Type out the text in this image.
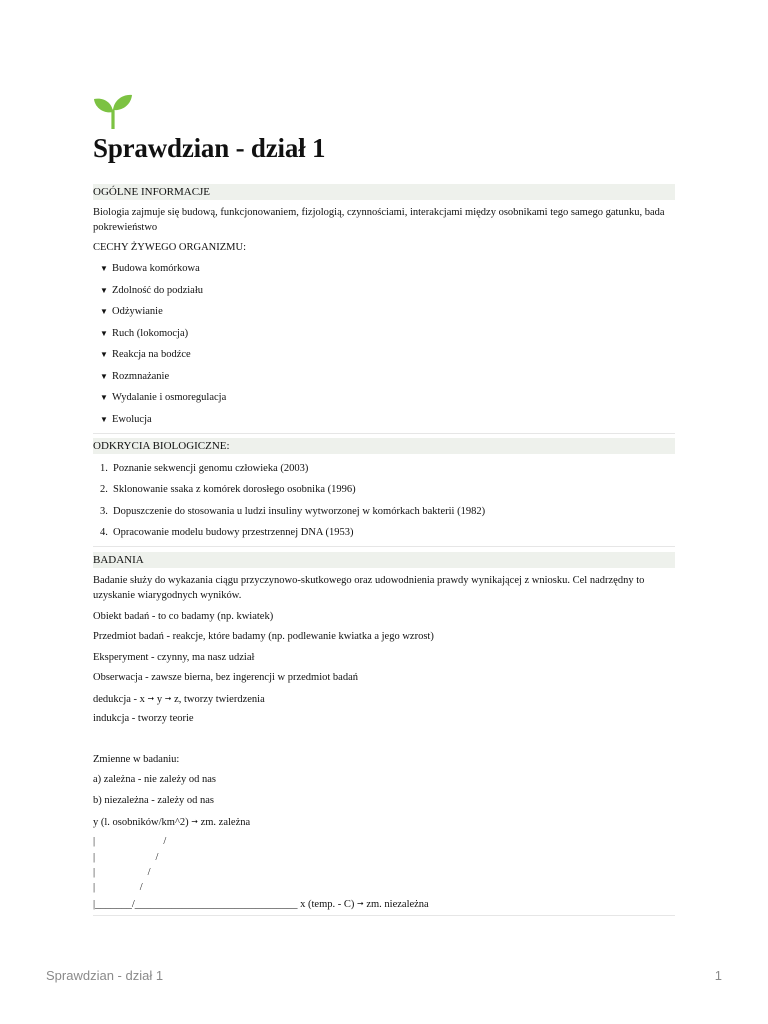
Sprawdzian - dział 1
OGÓLNE INFORMACJE
Biologia zajmuje się budową, funkcjonowaniem, fizjologią, czynnościami, interakcjami między osobnikami tego samego gatunku, bada pokrewieństwo
CECHY ŻYWEGO ORGANIZMU:
▼ Budowa komórkowa
▼ Zdolność do podziału
▼ Odżywianie
▼ Ruch (lokomocja)
▼ Reakcja na bodźce
▼ Rozmnażanie
▼ Wydalanie i osmoregulacja
▼ Ewolucja
ODKRYCIA BIOLOGICZNE:
1. Poznanie sekwencji genomu człowieka (2003)
2. Sklonowanie ssaka z komórek dorosłego osobnika (1996)
3. Dopuszczenie do stosowania u ludzi insuliny wytworzonej w komórkach bakterii (1982)
4. Opracowanie modelu budowy przestrzennej DNA (1953)
BADANIA
Badanie służy do wykazania ciągu przyczynowo-skutkowego oraz udowodnienia prawdy wynikającej z wniosku. Cel nadrzędny to uzyskanie wiarygodnych wyników.
Obiekt badań - to co badamy (np. kwiatek)
Przedmiot badań - reakcje, które badamy (np. podlewanie kwiatka a jego wzrost)
Eksperyment - czynny, ma nasz udział
Obserwacja - zawsze bierna, bez ingerencji w przedmiot badań
dedukcja - x ➞ y ➞ z, tworzy twierdzenia
indukcja - tworzy teorie
Zmienne w badaniu:
a) zależna - nie zależy od nas
b) niezależna - zależy od nas
y (l. osobników/km^2) ➞ zm. zależna
|                          /
|                       /
|                    /
|                 /
|_______/_______________________________ x (temp. - C) ➞ zm. niezależna
Sprawdzian - dział 1	1
